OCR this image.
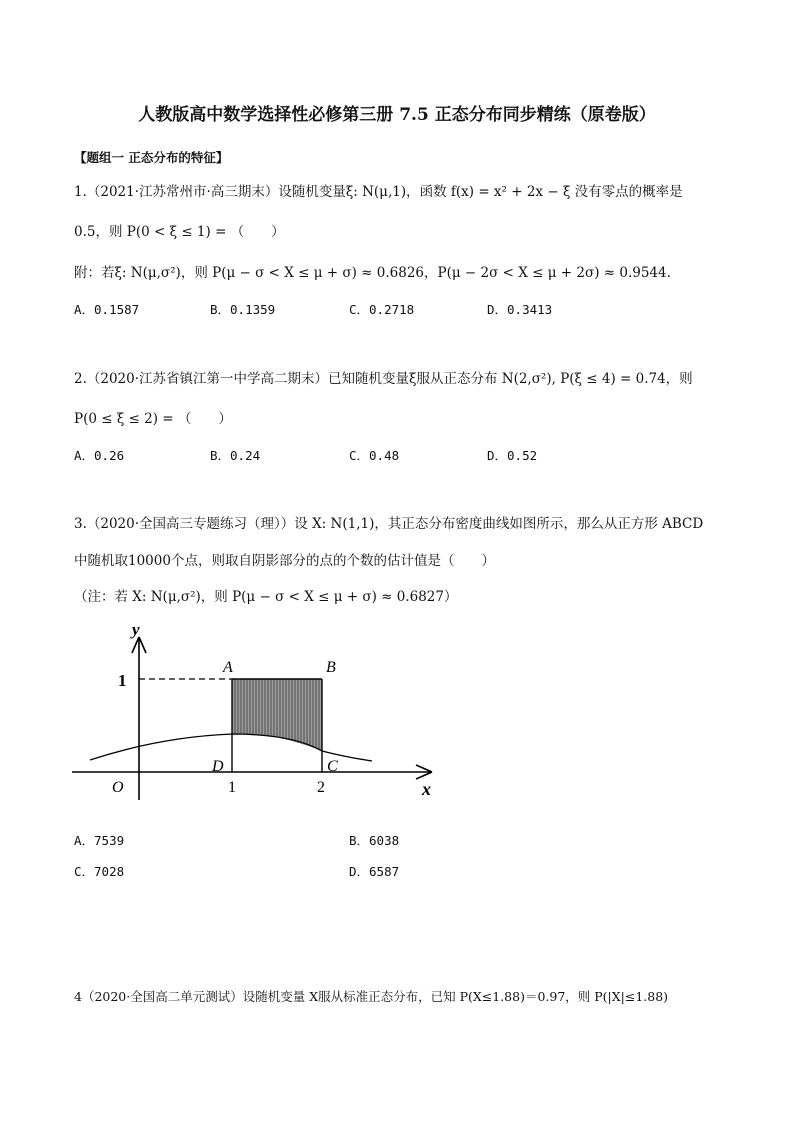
人教版高中数学选择性必修第三册 7.5 正态分布同步精练（原卷版）
【题组一 正态分布的特征】
1.（2021·江苏常州市·高三期末）设随机变量ξ: N(μ,1)，函数 f(x) = x² + 2x − ξ 没有零点的概率是
0.5，则 P(0 < ξ ≤ 1) = （　　）
附：若ξ: N(μ,σ²)，则 P(μ − σ < X ≤ μ + σ) ≈ 0.6826，P(μ − 2σ < X ≤ μ + 2σ) ≈ 0.9544.
A．0.1587	B．0.1359	C．0.2718	D．0.3413
2.（2020·江苏省镇江第一中学高二期末）已知随机变量ξ服从正态分布 N(2,σ²), P(ξ ≤ 4) = 0.74，则
P(0 ≤ ξ ≤ 2) = （　　）
A．0.26	B．0.24	C．0.48	D．0.52
3.（2020·全国高三专题练习（理））设 X: N(1,1)，其正态分布密度曲线如图所示，那么从正方形 ABCD
中随机取10000个点，则取自阴影部分的点的个数的估计值是（　　）
（注：若 X: N(μ,σ²)，则 P(μ − σ < X ≤ μ + σ) ≈ 0.6827）
y
x
O
1
1	2
A	B
C
D
A．7539	B．6038
C．7028	D．6587
4（2020·全国高二单元测试）设随机变量 X服从标准正态分布，已知 P(X≤1.88)＝0.97，则 P(|X|≤1.88)
